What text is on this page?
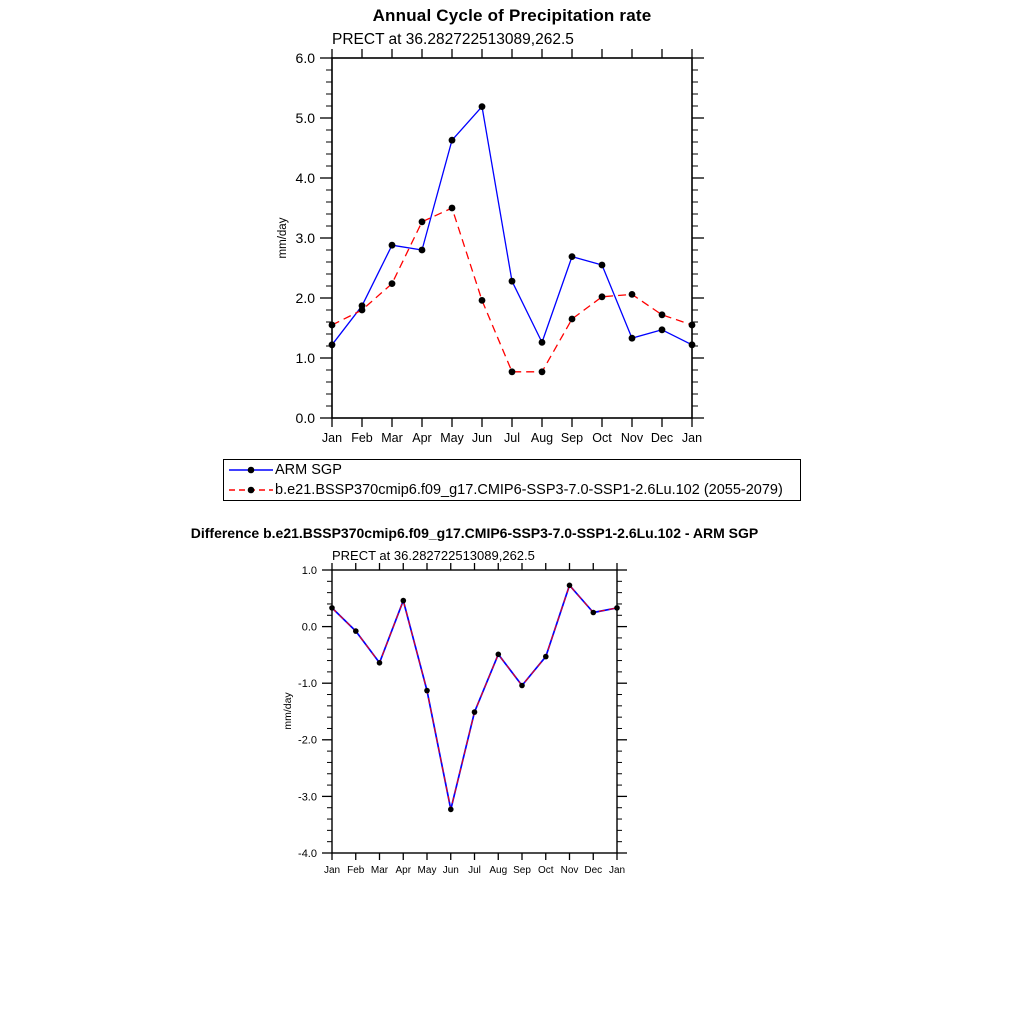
0.0
1.0
2.0
3.0
4.0
5.0
6.0
Jan Feb Mar Apr May Jun Jul Aug Sep Oct Nov Dec Jan
-4.0
-3.0
-2.0
-1.0
0.0
1.0
Jan Feb Mar Apr May Jun Jul Aug Sep Oct Nov Dec Jan
Annual Cycle of Precipitation rate
PRECT at 36.282722513089,262.5
mm/day
ARM SGP
b.e21.BSSP370cmip6.f09_g17.CMIP6-SSP3-7.0-SSP1-2.6Lu.102 (2055-2079)
Difference b.e21.BSSP370cmip6.f09_g17.CMIP6-SSP3-7.0-SSP1-2.6Lu.102 - ARM SGP
PRECT at 36.282722513089,262.5
mm/day
